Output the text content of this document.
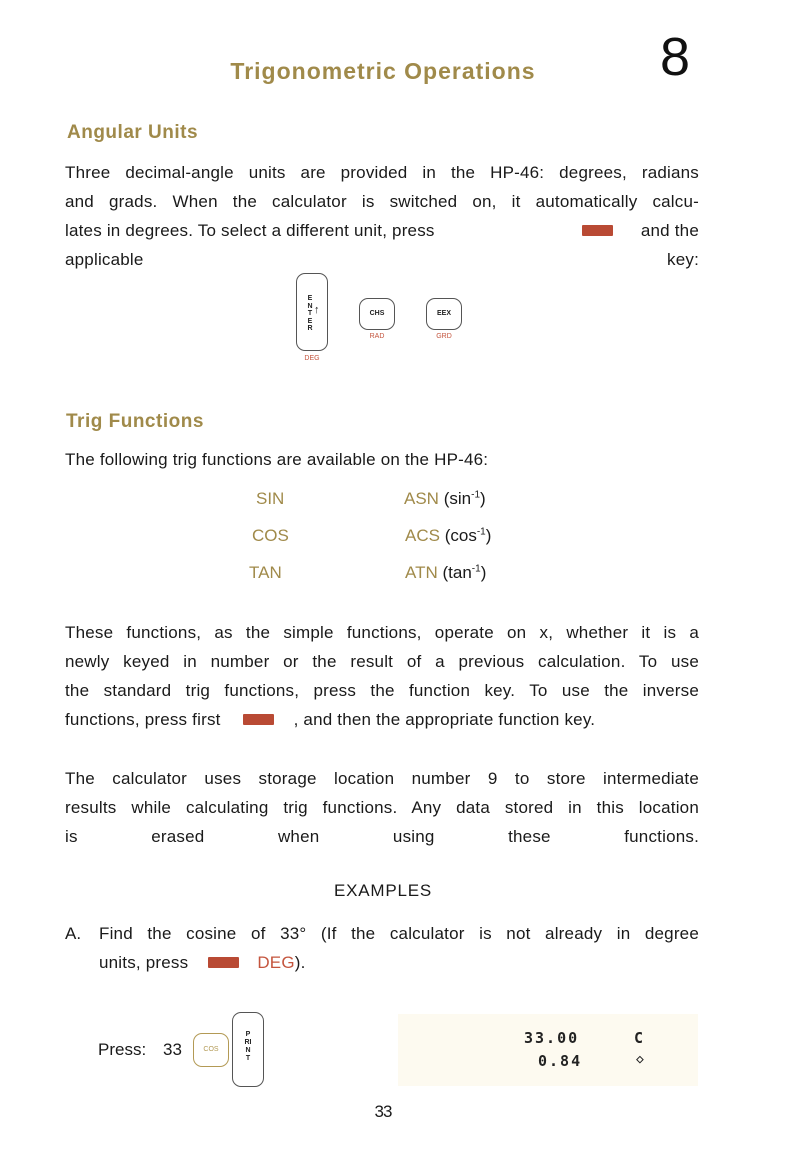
Trigonometric Operations	8
Angular Units
Three decimal-angle units are provided in the HP-46: degrees, radians
and grads. When the calculator is switched on, it automatically calcu-
lates in degrees. To select a different unit, press	and the
applicable key:
ENTER
↑
DEG
CHS
RAD
EEX
GRD
Trig Functions
The following trig functions are available on the HP-46:
SIN	ASN $(\sin^{-1})$
COS	ACS $(\cos^{-1})$
TAN	ATN $(\tan^{-1})$
These functions, as the simple functions, operate on x, whether it is a
newly keyed in number or the result of a previous calculation. To use
the standard trig functions, press the function key. To use the inverse
functions, press first	, and then the appropriate function key.
The calculator uses storage location number 9 to store intermediate
results while calculating trig functions. Any data stored in this location
is erased when using these functions.
EXAMPLES
A. Find the cosine of 33° (If the calculator is not already in degree
units, press	DEG ).
Press: 33	COS
PRINT
33.00	C
0.84	◇
33
